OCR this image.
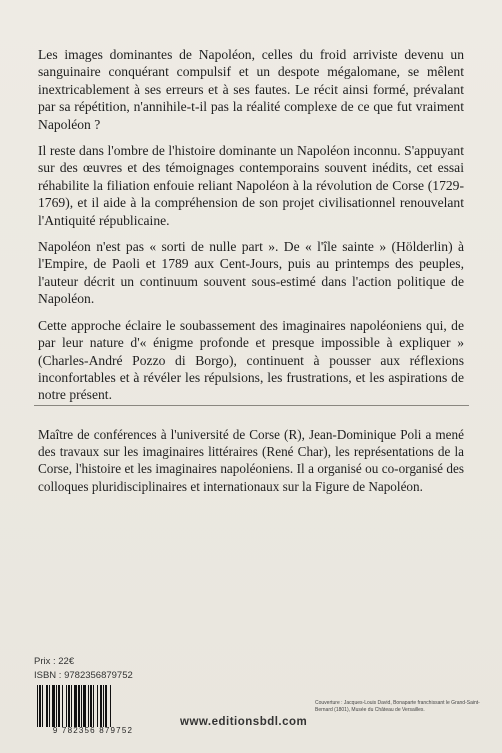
Les images dominantes de Napoléon, celles du froid arriviste devenu un sanguinaire conquérant compulsif et un despote mégalomane, se mêlent inextricablement à ses erreurs et à ses fautes. Le récit ainsi formé, prévalant par sa répétition, n'annihile-t-il pas la réalité complexe de ce que fut vraiment Napoléon ?

Il reste dans l'ombre de l'histoire dominante un Napoléon inconnu. S'appuyant sur des œuvres et des témoignages contemporains souvent inédits, cet essai réhabilite la filiation enfouie reliant Napoléon à la révolution de Corse (1729-1769), et il aide à la compréhension de son projet civilisationnel renouvelant l'Antiquité républicaine.

Napoléon n'est pas « sorti de nulle part ». De « l'île sainte » (Hölderlin) à l'Empire, de Paoli et 1789 aux Cent-Jours, puis au printemps des peuples, l'auteur décrit un continuum souvent sous-estimé dans l'action politique de Napoléon.

Cette approche éclaire le soubassement des imaginaires napoléoniens qui, de par leur nature d'« énigme profonde et presque impossible à expliquer » (Charles-André Pozzo di Borgo), continuent à pousser aux réflexions inconfortables et à révéler les répulsions, les frustrations, et les aspirations de notre présent.

Maître de conférences à l'université de Corse (R), Jean-Dominique Poli a mené des travaux sur les imaginaires littéraires (René Char), les représentations de la Corse, l'histoire et les imaginaires napoléoniens. Il a organisé ou co-organisé des colloques pluridisciplinaires et internationaux sur la Figure de Napoléon.

Prix : 22€
ISBN : 9782356879752
9 782356 879752
www.editionsbdl.com
Couverture : Jacques-Louis David, Bonaparte franchissant le Grand-Saint-Bernard (1801), Musée du Château de Versailles.
